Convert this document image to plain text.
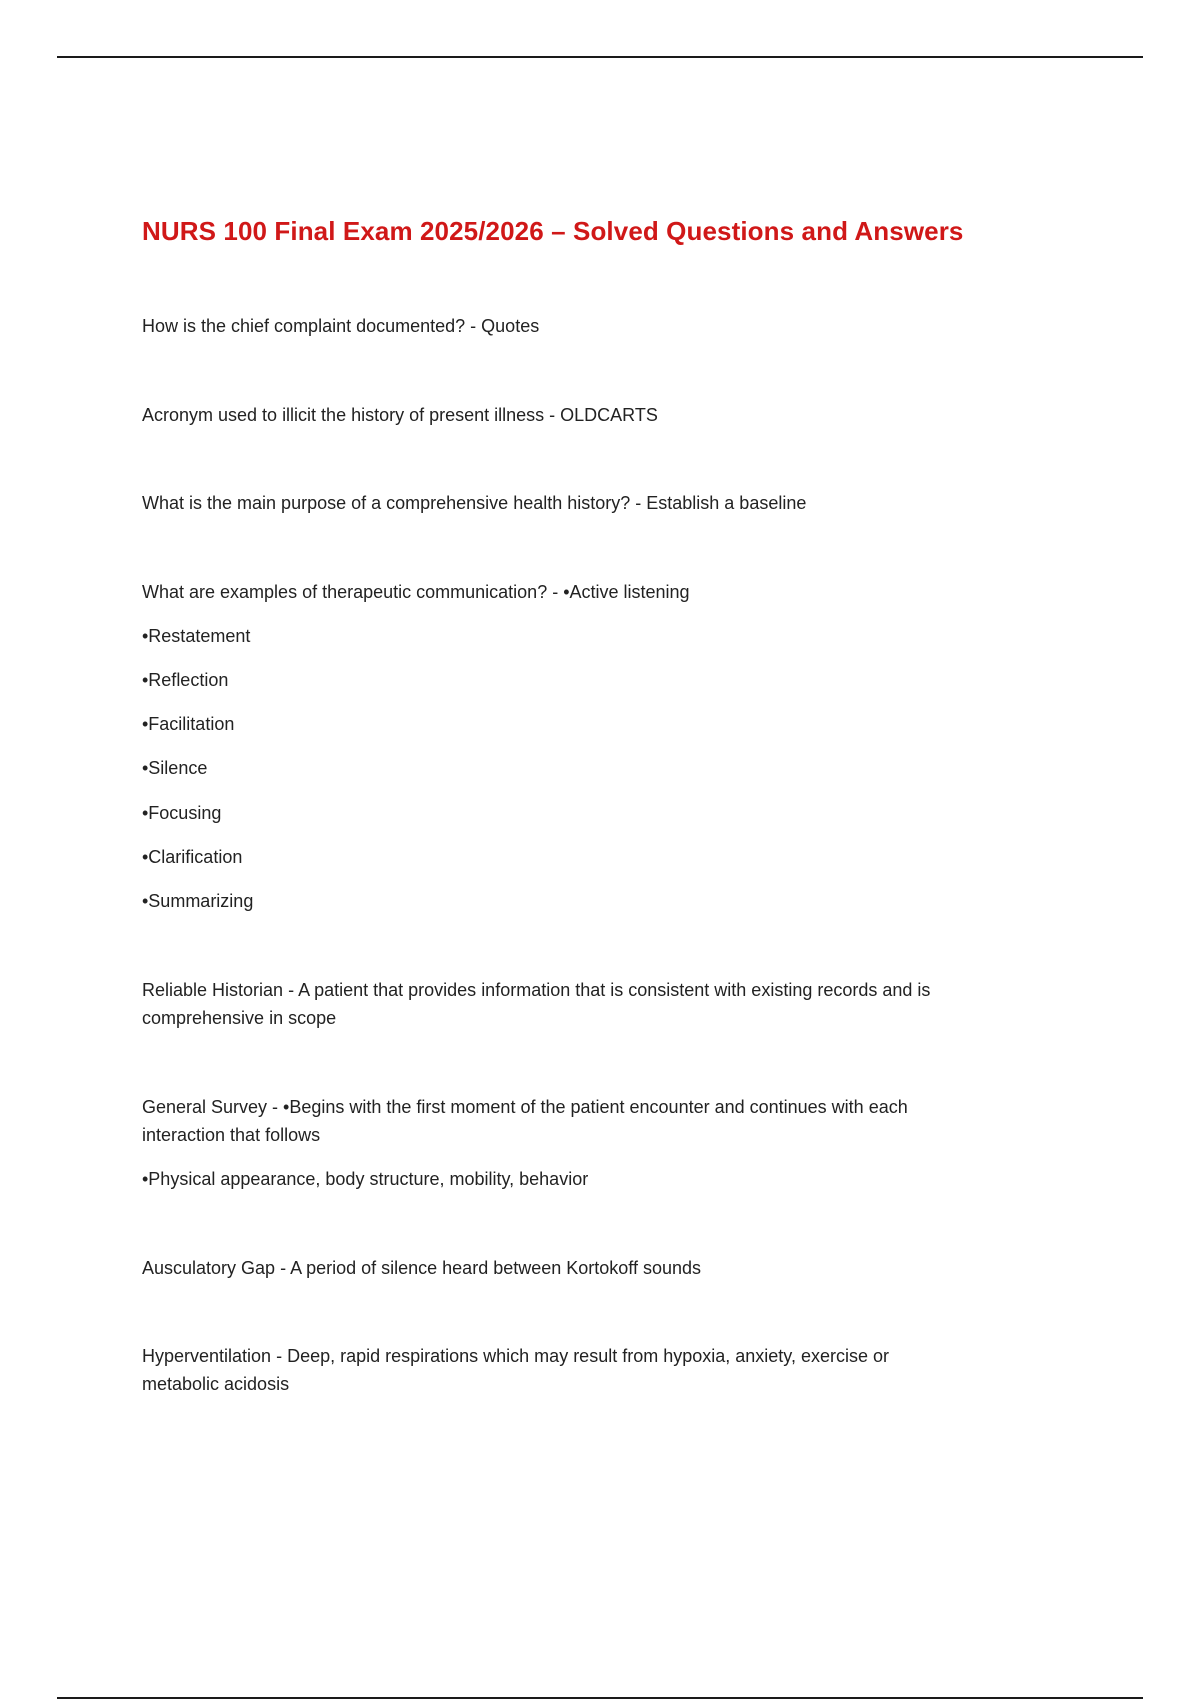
NURS 100 Final Exam 2025/2026 – Solved Questions and Answers
How is the chief complaint documented? - Quotes
Acronym used to illicit the history of present illness - OLDCARTS
What is the main purpose of a comprehensive health history? - Establish a baseline
What are examples of therapeutic communication? - •Active listening
•Restatement
•Reflection
•Facilitation
•Silence
•Focusing
•Clarification
•Summarizing
Reliable Historian - A patient that provides information that is consistent with existing records and is
comprehensive in scope
General Survey - •Begins with the first moment of the patient encounter and continues with each
interaction that follows
•Physical appearance, body structure, mobility, behavior
Ausculatory Gap - A period of silence heard between Kortokoff sounds
Hyperventilation - Deep, rapid respirations which may result from hypoxia, anxiety, exercise or
metabolic acidosis
